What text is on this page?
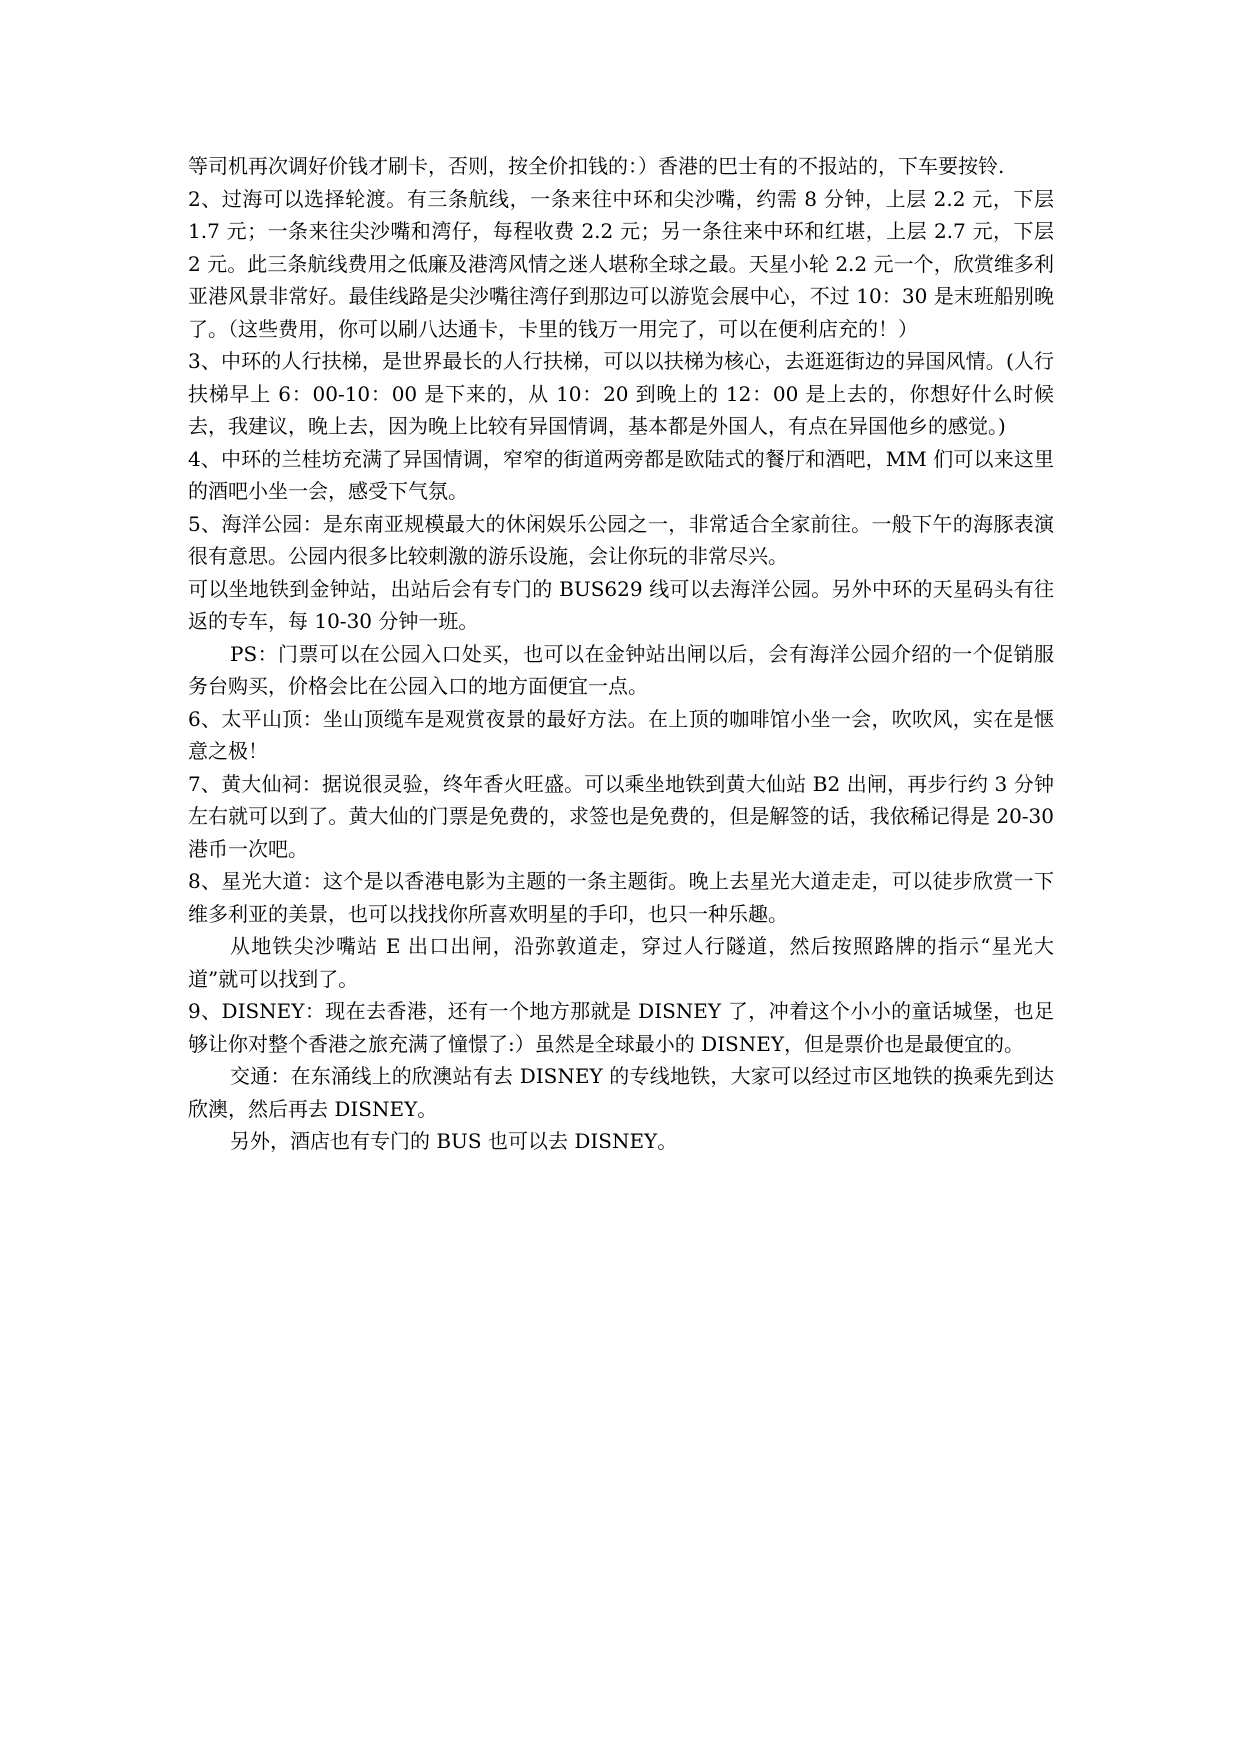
等司机再次调好价钱才刷卡，否则，按全价扣钱的：）香港的巴士有的不报站的，下车要按铃.

2、过海可以选择轮渡。有三条航线，一条来往中环和尖沙嘴，约需 8 分钟，上层 2.2 元，下层 1.7 元；一条来往尖沙嘴和湾仔，每程收费 2.2 元；另一条往来中环和红堪，上层 2.7 元，下层 2 元。此三条航线费用之低廉及港湾风情之迷人堪称全球之最。天星小轮 2.2 元一个，欣赏维多利亚港风景非常好。最佳线路是尖沙嘴往湾仔到那边可以游览会展中心，不过 10：30 是末班船别晚了。（这些费用，你可以刷八达通卡，卡里的钱万一用完了，可以在便利店充的！）

3、中环的人行扶梯，是世界最长的人行扶梯，可以以扶梯为核心，去逛逛街边的异国风情。(人行扶梯早上 6：00-10：00 是下来的，从 10：20 到晚上的 12：00 是上去的，你想好什么时候去，我建议，晚上去，因为晚上比较有异国情调，基本都是外国人，有点在异国他乡的感觉。)

4、中环的兰桂坊充满了异国情调，窄窄的街道两旁都是欧陆式的餐厅和酒吧，MM 们可以来这里的酒吧小坐一会，感受下气氛。

5、海洋公园：是东南亚规模最大的休闲娱乐公园之一，非常适合全家前往。一般下午的海豚表演很有意思。公园内很多比较刺激的游乐设施，会让你玩的非常尽兴。

可以坐地铁到金钟站，出站后会有专门的 BUS629 线可以去海洋公园。另外中环的天星码头有往返的专车，每 10-30 分钟一班。

PS：门票可以在公园入口处买，也可以在金钟站出闸以后，会有海洋公园介绍的一个促销服务台购买，价格会比在公园入口的地方面便宜一点。

6、太平山顶：坐山顶缆车是观赏夜景的最好方法。在上顶的咖啡馆小坐一会，吹吹风，实在是惬意之极！

7、黄大仙祠：据说很灵验，终年香火旺盛。可以乘坐地铁到黄大仙站 B2 出闸，再步行约 3 分钟左右就可以到了。黄大仙的门票是免费的，求签也是免费的，但是解签的话，我依稀记得是 20-30 港币一次吧。

8、星光大道：这个是以香港电影为主题的一条主题街。晚上去星光大道走走，可以徒步欣赏一下维多利亚的美景，也可以找找你所喜欢明星的手印，也只一种乐趣。

从地铁尖沙嘴站 E 出口出闸，沿弥敦道走，穿过人行隧道，然后按照路牌的指示“星光大道”就可以找到了。

9、DISNEY：现在去香港，还有一个地方那就是 DISNEY 了，冲着这个小小的童话城堡，也足够让你对整个香港之旅充满了憧憬了:）虽然是全球最小的 DISNEY，但是票价也是最便宜的。

交通：在东涌线上的欣澳站有去 DISNEY 的专线地铁，大家可以经过市区地铁的换乘先到达欣澳，然后再去 DISNEY。

另外，酒店也有专门的 BUS 也可以去 DISNEY。
